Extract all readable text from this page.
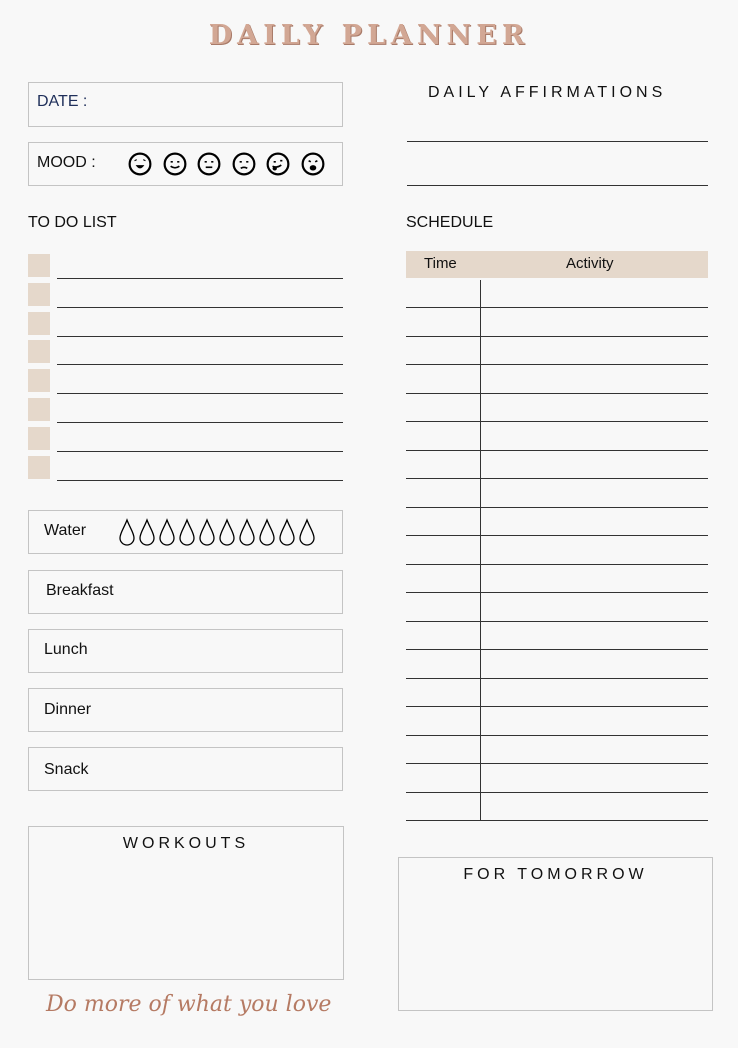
DAILY PLANNER
DATE :
MOOD :
DAILY AFFIRMATIONS
TO DO LIST	SCHEDULE
Time	Activity
Water
Breakfast
Lunch
Dinner
Snack
WORKOUTS
FOR TOMORROW
Do more of what you love
